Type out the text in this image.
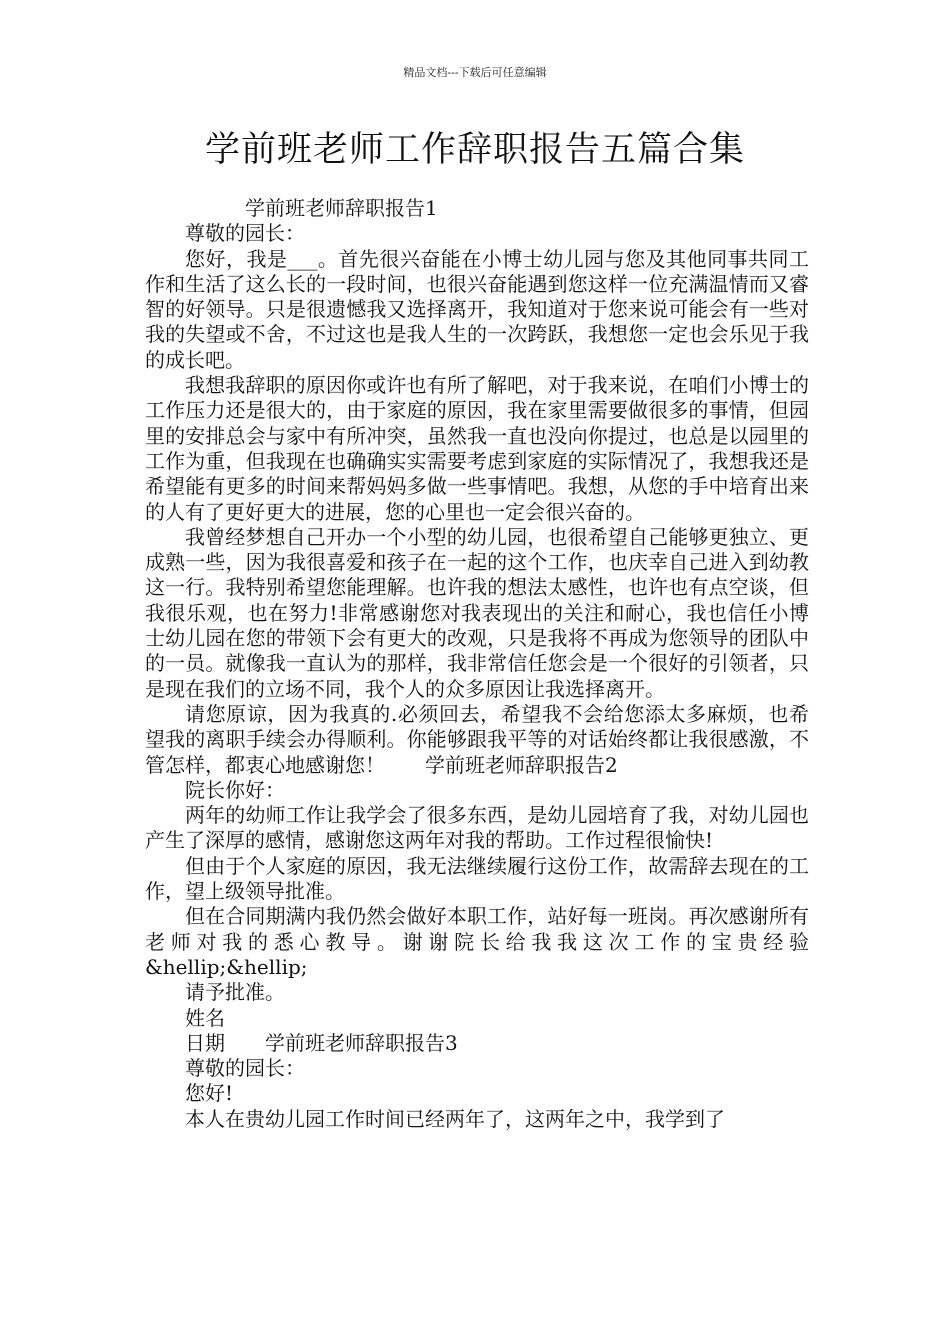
精品文档---下载后可任意编辑
学前班老师工作辞职报告五篇合集

学前班老师辞职报告1

尊敬的园长：

您好，我是___。首先很兴奋能在小博士幼儿园与您及其他同事共同工作和生活了这么长的一段时间，也很兴奋能遇到您这样一位充满温情而又睿智的好领导。只是很遗憾我又选择离开，我知道对于您来说可能会有一些对我的失望或不舍，不过这也是我人生的一次跨跃，我想您一定也会乐见于我的成长吧。

我想我辞职的原因你或许也有所了解吧，对于我来说，在咱们小博士的工作压力还是很大的，由于家庭的原因，我在家里需要做很多的事情，但园里的安排总会与家中有所冲突，虽然我一直也没向你提过，也总是以园里的工作为重，但我现在也确确实实需要考虑到家庭的实际情况了，我想我还是希望能有更多的时间来帮妈妈多做一些事情吧。我想，从您的手中培育出来的人有了更好更大的进展，您的心里也一定会很兴奋的。

我曾经梦想自己开办一个小型的幼儿园，也很希望自己能够更独立、更成熟一些，因为我很喜爱和孩子在一起的这个工作，也庆幸自己进入到幼教这一行。我特别希望您能理解。也许我的想法太感性，也许也有点空谈，但我很乐观，也在努力!非常感谢您对我表现出的关注和耐心，我也信任小博士幼儿园在您的带领下会有更大的改观，只是我将不再成为您领导的团队中的一员。就像我一直认为的那样，我非常信任您会是一个很好的引领者，只是现在我们的立场不同，我个人的众多原因让我选择离开。

请您原谅，因为我真的.必须回去，希望我不会给您添太多麻烦，也希望我的离职手续会办得顺利。你能够跟我平等的对话始终都让我很感激，不管怎样，都衷心地感谢您！　　学前班老师辞职报告2

院长你好：

两年的幼师工作让我学会了很多东西，是幼儿园培育了我，对幼儿园也产生了深厚的感情，感谢您这两年对我的帮助。工作过程很愉快!

但由于个人家庭的原因，我无法继续履行这份工作，故需辞去现在的工作，望上级领导批准。

但在合同期满内我仍然会做好本职工作，站好每一班岗。再次感谢所有老师对我的悉心教导。谢谢院长给我我这次工作的宝贵经验&hellip;&hellip;

请予批准。

姓名

日期　　学前班老师辞职报告3

尊敬的园长：

您好!

本人在贵幼儿园工作时间已经两年了，这两年之中，我学到了
